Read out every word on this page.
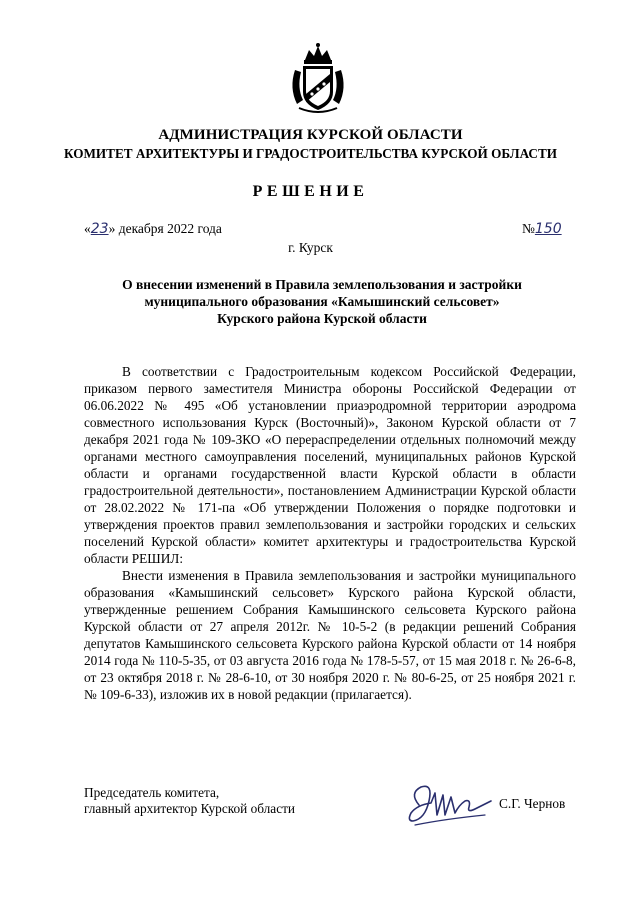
АДМИНИСТРАЦИЯ КУРСКОЙ ОБЛАСТИ
КОМИТЕТ АРХИТЕКТУРЫ И ГРАДОСТРОИТЕЛЬСТВА КУРСКОЙ ОБЛАСТИ
РЕШЕНИЕ
«23» декабря 2022 года	№150
г. Курск
О внесении изменений в Правила землепользования и застройки
муниципального образования «Камышинский сельсовет»
Курского района Курской области

В соответствии с Градостроительным кодексом Российской Федерации, приказом первого заместителя Министра обороны Российской Федерации от 06.06.2022 № 495 «Об установлении приаэродромной территории аэродрома совместного использования Курск (Восточный)», Законом Курской области от 7 декабря 2021 года № 109-ЗКО «О перераспределении отдельных полномочий между органами местного самоуправления поселений, муниципальных районов Курской области и органами государственной власти Курской области в области градостроительной деятельности», постановлением Администрации Курской области от 28.02.2022 № 171-па «Об утверждении Положения о порядке подготовки и утверждения проектов правил землепользования и застройки городских и сельских поселений Курской области» комитет архитектуры и градостроительства Курской области РЕШИЛ:

Внести изменения в Правила землепользования и застройки муниципального образования «Камышинский сельсовет» Курского района Курской области, утвержденные решением Собрания Камышинского сельсовета Курского района Курской области от 27 апреля 2012г. № 10-5-2 (в редакции решений Собрания депутатов Камышинского сельсовета Курского района Курской области от 14 ноября 2014 года № 110-5-35, от 03 августа 2016 года № 178-5-57, от 15 мая 2018 г. № 26-6-8, от 23 октября 2018 г. № 28-6-10, от 30 ноября 2020 г. № 80-6-25, от 25 ноября 2021 г. № 109-6-33), изложив их в новой редакции (прилагается).

Председатель комитета,
главный архитектор Курской области	С.Г. Чернов
